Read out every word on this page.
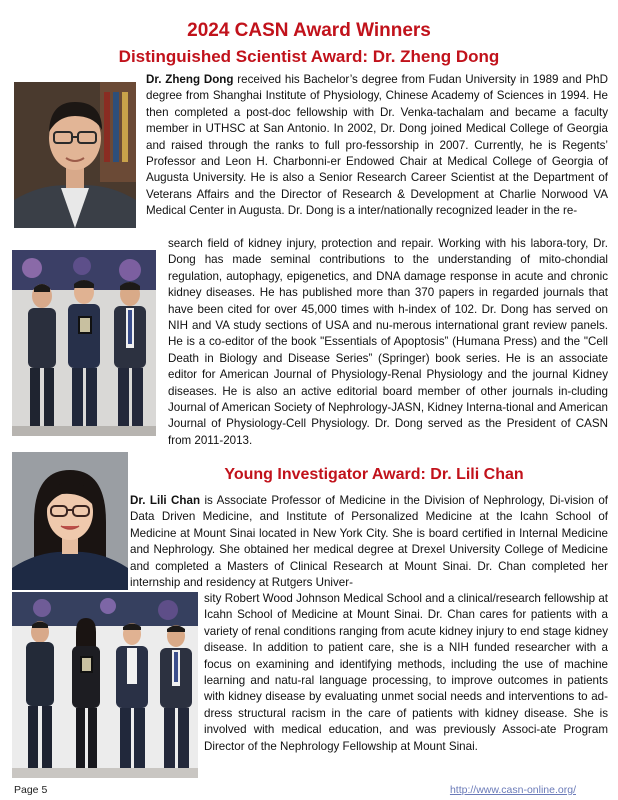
2024 CASN Award Winners
Distinguished Scientist Award: Dr. Zheng Dong

Dr. Zheng Dong received his Bachelor’s degree from Fudan University in 1989 and PhD degree from Shanghai Institute of Physiology, Chinese Academy of Sciences in 1994. He then completed a post-doc fellowship with Dr. Venka-tachalam and became a faculty member in UTHSC at San Antonio. In 2002, Dr. Dong joined Medical College of Georgia and raised through the ranks to full pro-fessorship in 2007. Currently, he is Regents’ Professor and Leon H. Charbonni-er Endowed Chair at Medical College of Georgia of Augusta University. He is also a Senior Research Career Scientist at the Department of Veterans Affairs and the Director of Research & Development at Charlie Norwood VA Medical Center in Augusta. Dr. Dong is a inter/nationally recognized leader in the re-

search field of kidney injury, protection and repair. Working with his labora-tory, Dr. Dong has made seminal contributions to the understanding of mito-chondial regulation, autophagy, epigenetics, and DNA damage response in acute and chronic kidney diseases. He has published more than 370 papers in regarded journals that have been cited for over 45,000 times with h-index of 102. Dr. Dong has served on NIH and VA study sections of USA and nu-merous international grant review panels. He is a co-editor of the book "Essentials of Apoptosis” (Humana Press) and the "Cell Death in Biology and Disease Series” (Springer) book series. He is an associate editor for American Journal of Physiology-Renal Physiology and the journal Kidney diseases. He is also an active editorial board member of other journals in-cluding Journal of American Society of Nephrology-JASN, Kidney Interna-tional and American Journal of Physiology-Cell Physiology. Dr. Dong served as the President of CASN from 2011-2013.

Young Investigator Award: Dr. Lili Chan

Dr. Lili Chan is Associate Professor of Medicine in the Division of Nephrology, Di-vision of Data Driven Medicine, and Institute of Personalized Medicine at the Icahn School of Medicine at Mount Sinai located in New York City. She is board certified in Internal Medicine and Nephrology. She obtained her medical degree at Drexel University College of Medicine and completed a Masters of Clinical Research at Mount Sinai. Dr. Chan completed her internship and residency at Rutgers Univer-

sity Robert Wood Johnson Medical School and a clinical/research fellowship at Icahn School of Medicine at Mount Sinai. Dr. Chan cares for patients with a variety of renal conditions ranging from acute kidney injury to end stage kidney disease. In addition to patient care, she is a NIH funded researcher with a focus on examining and identifying methods, including the use of machine learning and natu-ral language processing, to improve outcomes in patients with kidney disease by evaluating unmet social needs and interventions to ad-dress structural racism in the care of patients with kidney disease. She is involved with medical education, and was previously Associ-ate Program Director of the Nephrology Fellowship at Mount Sinai.

Page 5	http://www.casn-online.org/
